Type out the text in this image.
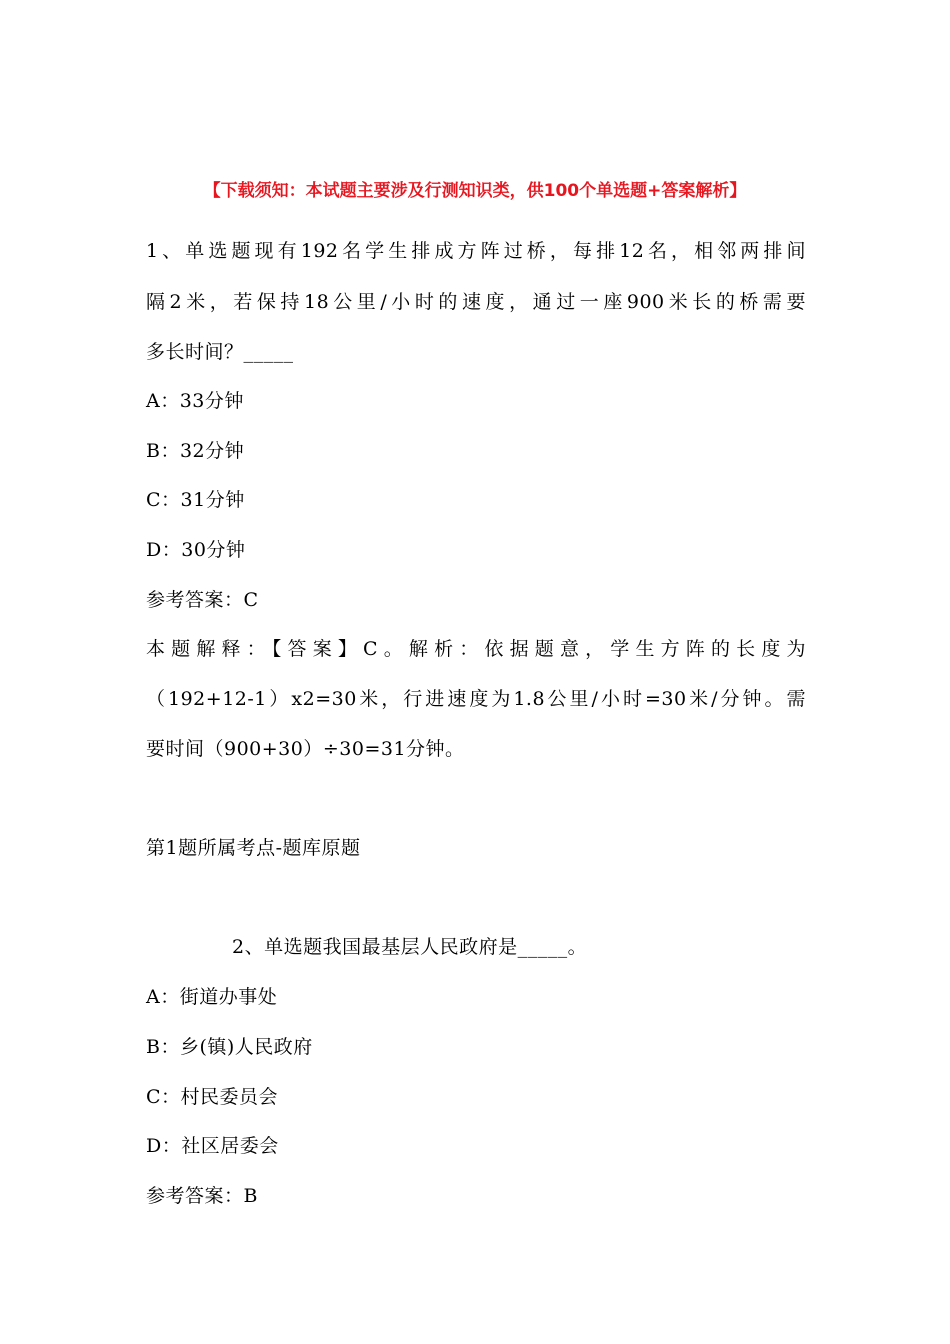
【下载须知：本试题主要涉及行测知识类，供100个单选题+答案解析】
1、单选题现有192名学生排成方阵过桥，每排12名，相邻两排间
隔2米，若保持18公里/小时的速度，通过一座900米长的桥需要
多长时间？_____
A：33分钟
B：32分钟
C：31分钟
D：30分钟
参考答案：C
本题解释：【答案】C。解析：依据题意，学生方阵的长度为
（192+12-1）x2=30米，行进速度为1.8公里/小时=30米/分钟。需
要时间（900+30）÷30=31分钟。
第1题所属考点-题库原题
2、单选题我国最基层人民政府是_____。
A：街道办事处
B：乡(镇)人民政府
C：村民委员会
D：社区居委会
参考答案：B
